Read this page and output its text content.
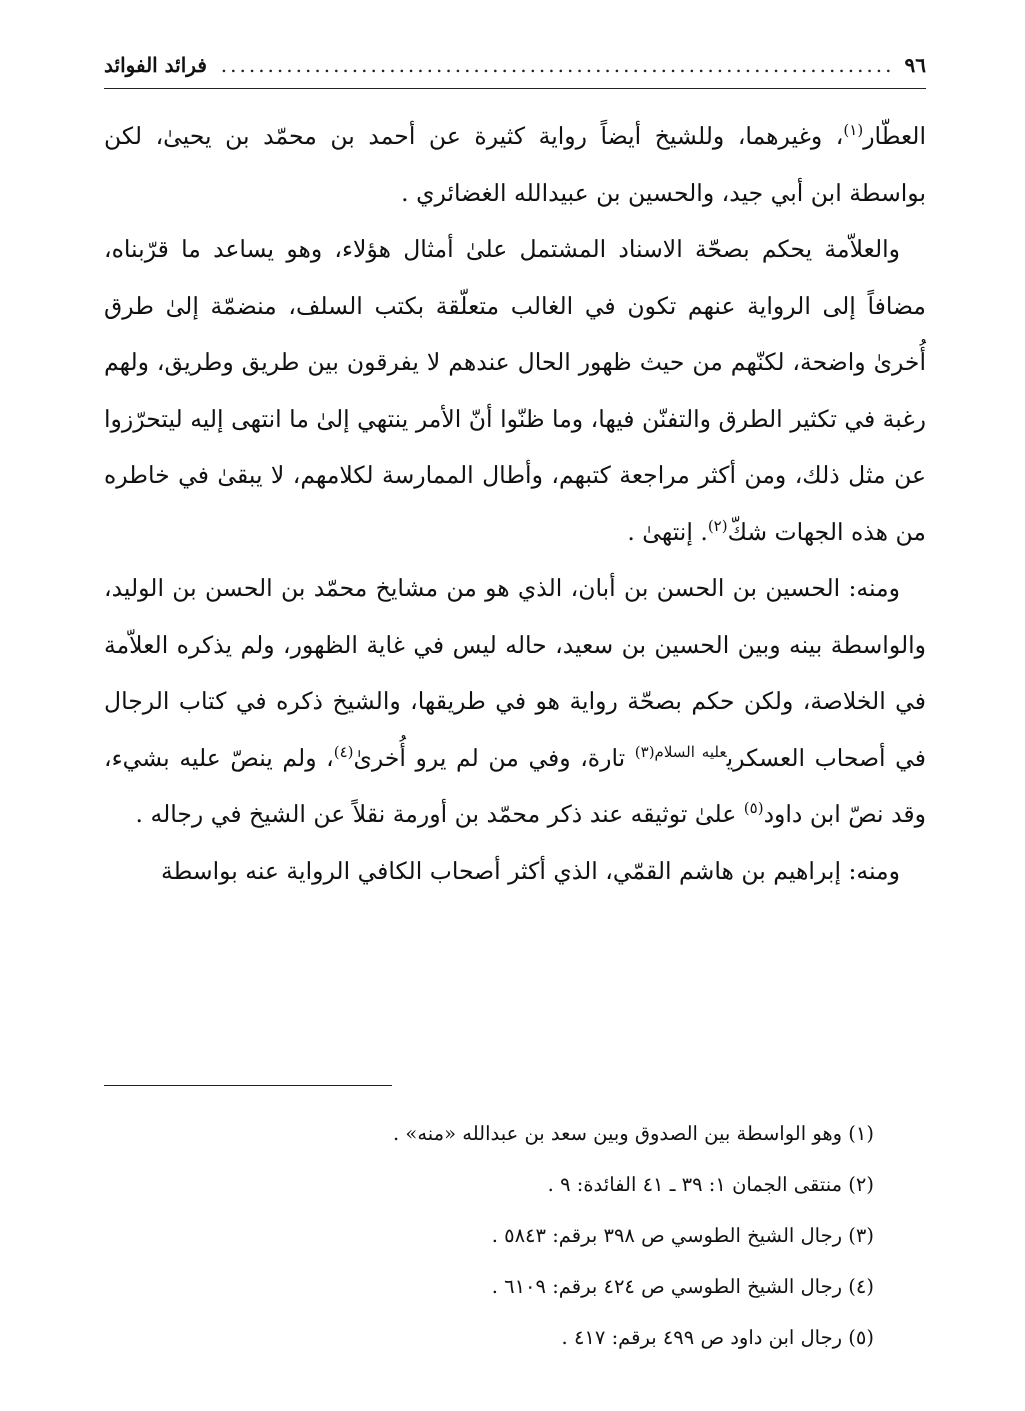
٩٦
.....
فرائد الفوائد

العطّار$^{(١)}$، وغيرهما، وللشيخ أيضاً رواية كثيرة عن أحمد بن محمّد بن يحيىٰ، لكن بواسطة ابن أبي جيد، والحسين بن عبيدالله الغضائري .

والعلاّمة يحكم بصحّة الاسناد المشتمل علىٰ أمثال هؤلاء، وهو يساعد ما قرّبناه، مضافاً إلى الرواية عنهم تكون في الغالب متعلّقة بكتب السلف، منضمّة إلىٰ طرق أُخرىٰ واضحة، لكنّهم من حيث ظهور الحال عندهم لا يفرقون بين طريق وطريق، ولهم رغبة في تكثير الطرق والتفنّن فيها، وما ظنّوا أنّ الأمر ينتهي إلىٰ ما انتهى إليه ليتحرّزوا عن مثل ذلك، ومن أكثر مراجعة كتبهم، وأطال الممارسة لكلامهم، لا يبقىٰ في خاطره من هذه الجهات شكّ$^{(٢)}$. إنتهىٰ .

ومنه: الحسين بن الحسن بن أبان، الذي هو من مشايخ محمّد بن الحسن بن الوليد، والواسطة بينه وبين الحسين بن سعيد، حاله ليس في غاية الظهور، ولم يذكره العلاّمة في الخلاصة، ولكن حكم بصحّة رواية هو في طريقها، والشيخ ذكره في كتاب الرجال في أصحاب العسكري$^{عليه السلام(٣)}$ تارة، وفي من لم يرو أُخرىٰ$^{(٤)}$، ولم ينصّ عليه بشيء، وقد نصّ ابن داود$^{(٥)}$ علىٰ توثيقه عند ذكر محمّد بن أورمة نقلاً عن الشيخ في رجاله .

ومنه: إبراهيم بن هاشم القمّي، الذي أكثر أصحاب الكافي الرواية عنه بواسطة

(١) وهو الواسطة بين الصدوق وبين سعد بن عبدالله «منه» .
(٢) منتقى الجمان ١: ٣٩ ـ ٤١ الفائدة: ٩ .
(٣) رجال الشيخ الطوسي ص ٣٩٨ برقم: ٥٨٤٣ .
(٤) رجال الشيخ الطوسي ص ٤٢٤ برقم: ٦١٠٩ .
(٥) رجال ابن داود ص ٤٩٩ برقم: ٤١٧ .
